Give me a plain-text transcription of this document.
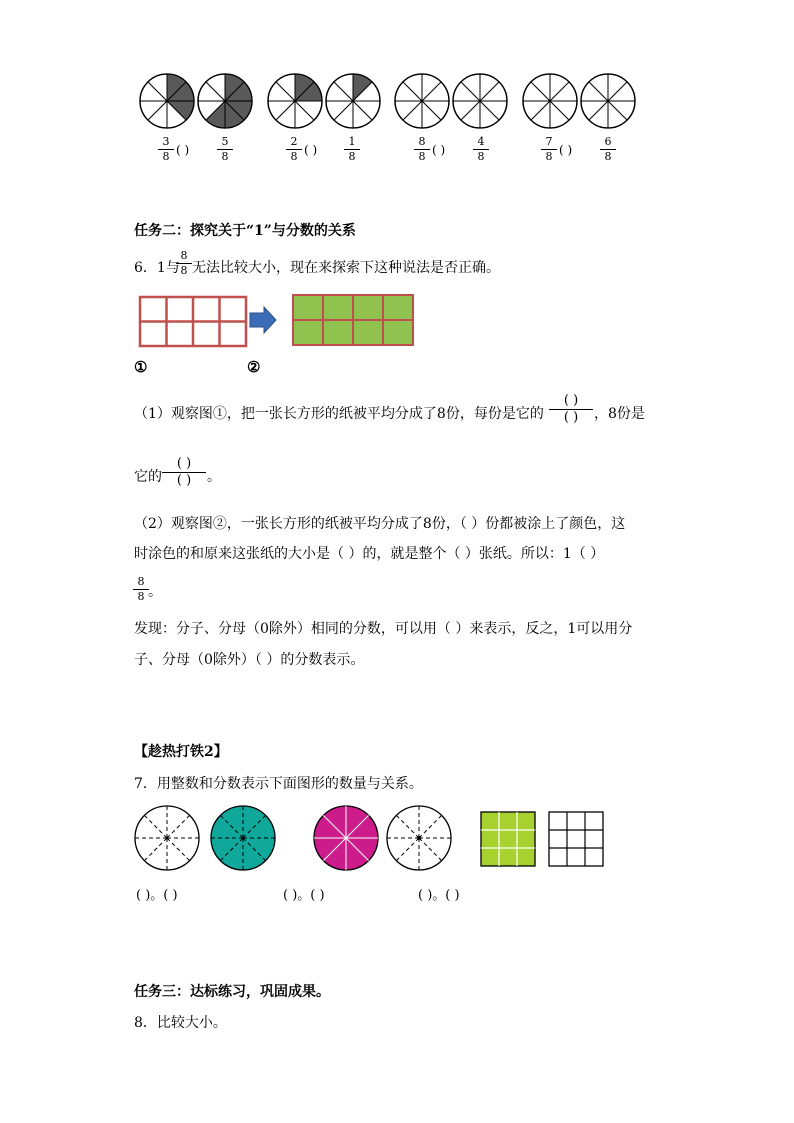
3
8 ( )
5
8
2
8 ( )
1
8
8
8 ( )
4
8
7
8 ( )
6
8
任务二：探究关于“1”与分数的关系
6．1与
8
8 无法比较大小，现在来探索下这种说法是否正确。
①	②
（1）观察图①，把一张长方形的纸被平均分成了8份，每份是它的
( )
( )	，8份是
它的
( )
( )	。
（2）观察图②，一张长方形的纸被平均分成了8份，（ ）份都被涂上了颜色，这
时涂色的和原来这张纸的大小是（ ）的，就是整个（ ）张纸。所以：1（ ）
8
8 。
发现：分子、分母（0除外）相同的分数，可以用（ ）来表示，反之，1可以用分
子、分母（0除外）（ ）的分数表示。
【趁热打铁2】
7．用整数和分数表示下面图形的数量与关系。
( )。( )	( )。( )	( )。( )
任务三：达标练习，巩固成果。
8．比较大小。
